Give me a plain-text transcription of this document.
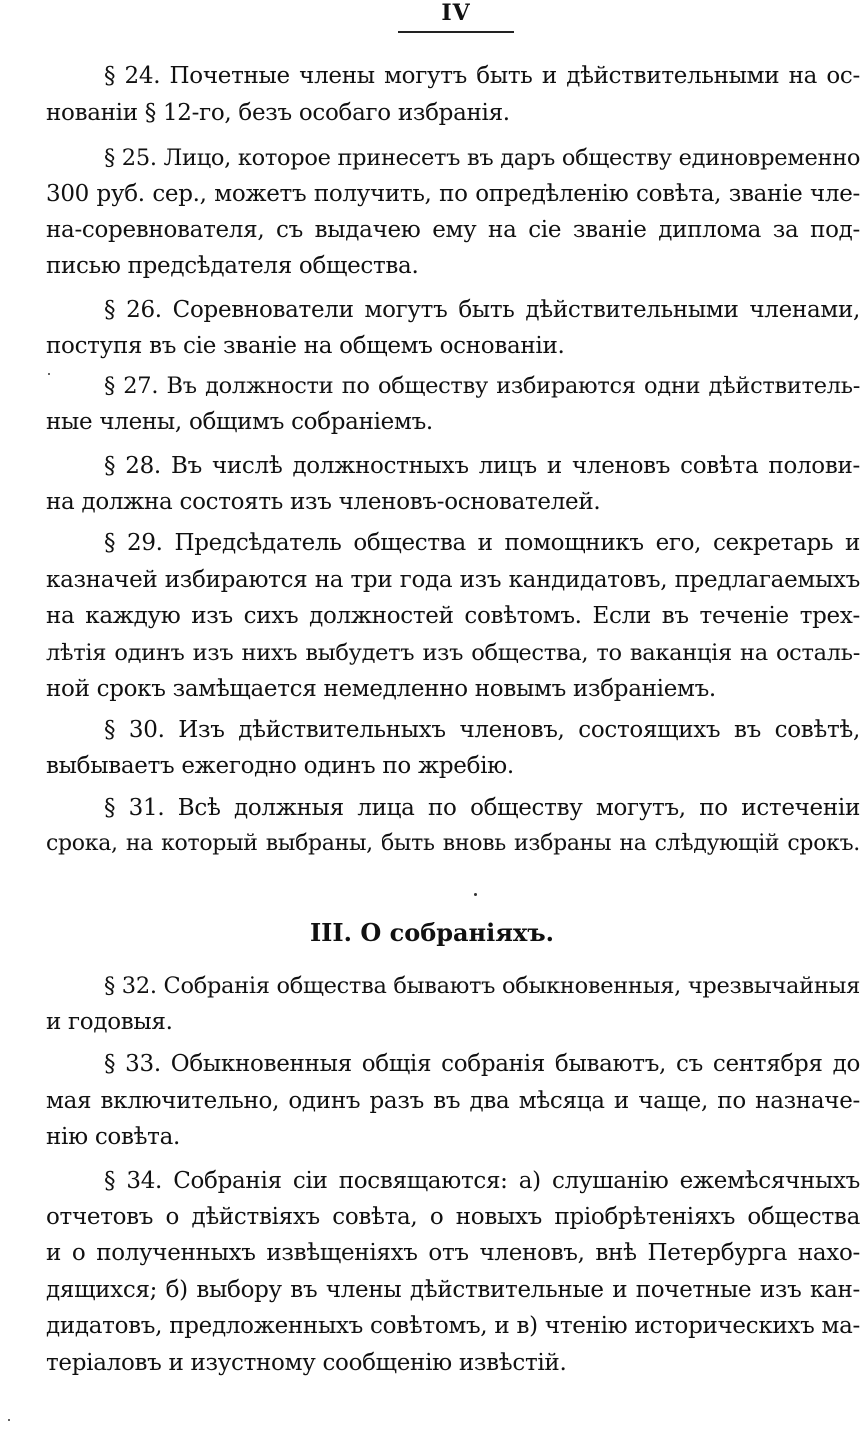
IV
§ 24. Почетные члены могутъ быть и дѣйствительными на ос-
нованіи § 12-го, безъ особаго избранія.
§ 25. Лицо, которое принесетъ въ даръ обществу единовременно
300 руб. сер., можетъ получить, по опредѣленію совѣта, званіе чле-
на-соревнователя, съ выдачею ему на сіе званіе диплома за под-
писью предсѣдателя общества.
§ 26. Соревнователи могутъ быть дѣйствительными членами,
поступя въ сіе званіе на общемъ основаніи.
§ 27. Въ должности по обществу избираются одни дѣйствитель-
ные члены, общимъ собраніемъ.
§ 28. Въ числѣ должностныхъ лицъ и членовъ совѣта полови-
на должна состоять изъ членовъ-основателей.
§ 29. Предсѣдатель общества и помощникъ его, секретарь и
казначей избираются на три года изъ кандидатовъ, предлагаемыхъ
на каждую изъ сихъ должностей совѣтомъ. Если въ теченіе трех-
лѣтія одинъ изъ нихъ выбудетъ изъ общества, то ваканція на осталь-
ной срокъ замѣщается немедленно новымъ избраніемъ.
§ 30. Изъ дѣйствительныхъ членовъ, состоящихъ въ совѣтѣ,
выбываетъ ежегодно одинъ по жребію.
§ 31. Всѣ должныя лица по обществу могутъ, по истеченіи
срока, на который выбраны, быть вновь избраны на слѣдующій срокъ.
III. О собраніяхъ.
§ 32. Собранія общества бываютъ обыкновенныя, чрезвычайныя
и годовыя.
§ 33. Обыкновенныя общія собранія бываютъ, съ сентября до
мая включительно, одинъ разъ въ два мѣсяца и чаще, по назначе-
нію совѣта.
§ 34. Собранія сіи посвящаются: а) слушанію ежемѣсячныхъ
отчетовъ о дѣйствіяхъ совѣта, о новыхъ пріобрѣтеніяхъ общества
и о полученныхъ извѣщеніяхъ отъ членовъ, внѣ Петербурга нахо-
дящихся; б) выбору въ члены дѣйствительные и почетные изъ кан-
дидатовъ, предложенныхъ совѣтомъ, и в) чтенію историческихъ ма-
теріаловъ и изустному сообщенію извѣстій.
